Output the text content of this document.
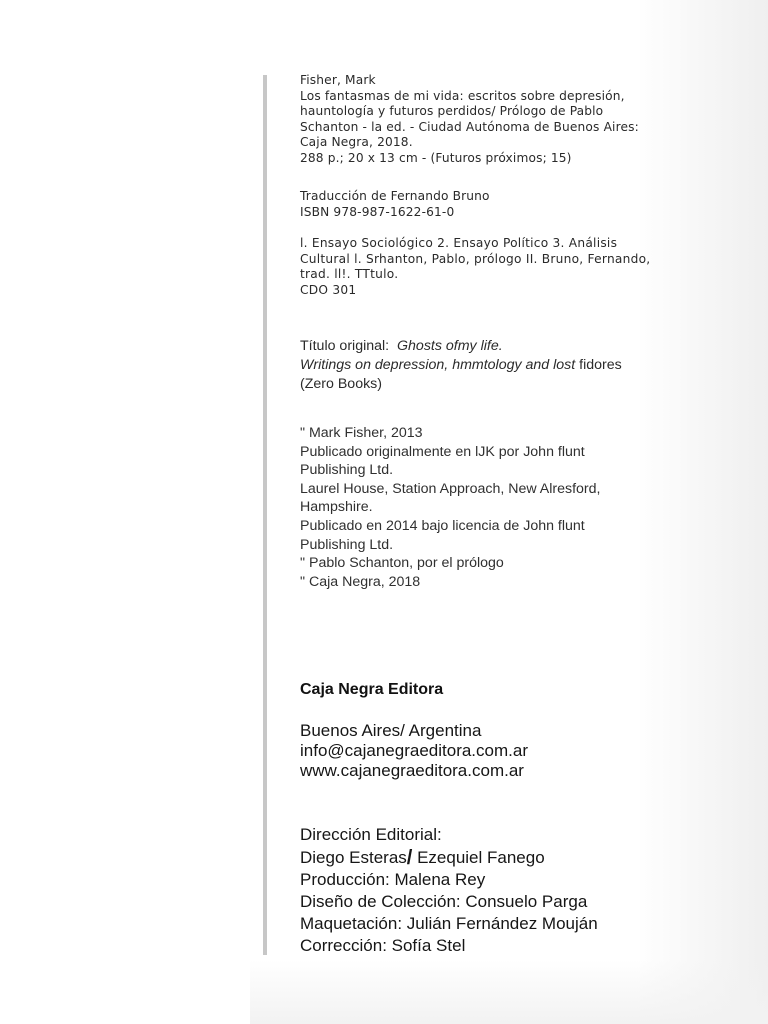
Fisher, Mark
Los fantasmas de mi vida: escritos sobre depresión,
hauntología y futuros perdidos/ Prólogo de Pablo
Schanton - la ed. - Ciudad Autónoma de Buenos Aires:
Caja Negra, 2018.
288 p.; 20 x 13 cm - (Futuros próximos; 15)
Traducción de Fernando Bruno
ISBN 978-987-1622-61-0
l. Ensayo Sociológico 2. Ensayo Político 3. Análisis
Cultural l. Srhanton, Pablo, prólogo II. Bruno, Fernando,
trad. ll!. TTtulo.
CDO 301
Título original: Ghosts ofmy life.
Writings on depression, hmmtology and lost fidores
(Zero Books)
" Mark Fisher, 2013
Publicado originalmente en lJK por John flunt
Publishing Ltd.
Laurel House, Station Approach, New Alresford,
Hampshire.
Publicado en 2014 bajo licencia de John flunt
Publishing Ltd.
" Pablo Schanton, por el prólogo
" Caja Negra, 2018
Caja Negra Editora
Buenos Aires/ Argentina
info@cajanegraeditora.com.ar
www.cajanegraeditora.com.ar
Dirección Editorial:
Diego Esteras/ Ezequiel Fanego
Producción: Malena Rey
Diseño de Colección: Consuelo Parga
Maquetación: Julián Fernández Mouján
Corrección: Sofía Stel
